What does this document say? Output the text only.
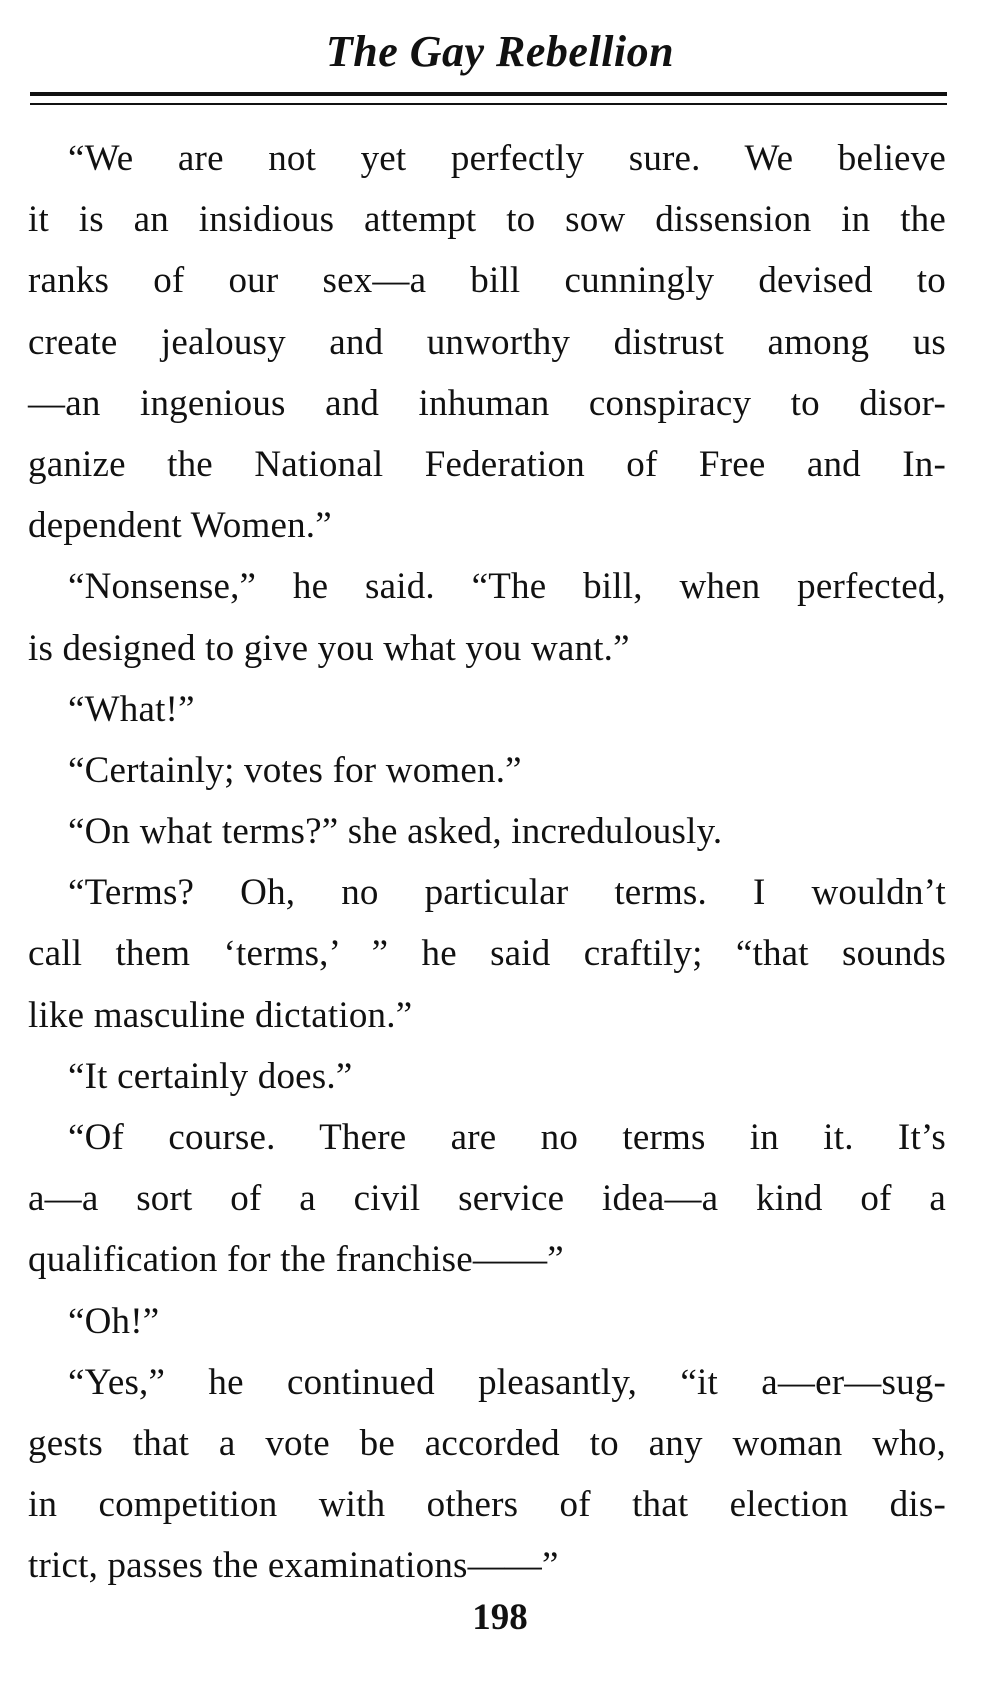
The Gay Rebellion
“We are not yet perfectly sure. We believe
it is an insidious attempt to sow dissension in the
ranks of our sex—a bill cunningly devised to
create jealousy and unworthy distrust among us
—an ingenious and inhuman conspiracy to disor-
ganize the National Federation of Free and In-
dependent Women.”
“Nonsense,” he said. “The bill, when perfected,
is designed to give you what you want.”
“What!”
“Certainly; votes for women.”
“On what terms?” she asked, incredulously.
“Terms? Oh, no particular terms. I wouldn’t
call them ‘terms,’ ” he said craftily; “that sounds
like masculine dictation.”
“It certainly does.”
“Of course. There are no terms in it. It’s
a—a sort of a civil service idea—a kind of a
qualification for the franchise——”
“Oh!”
“Yes,” he continued pleasantly, “it a—er—sug-
gests that a vote be accorded to any woman who,
in competition with others of that election dis-
trict, passes the examinations——”
198
